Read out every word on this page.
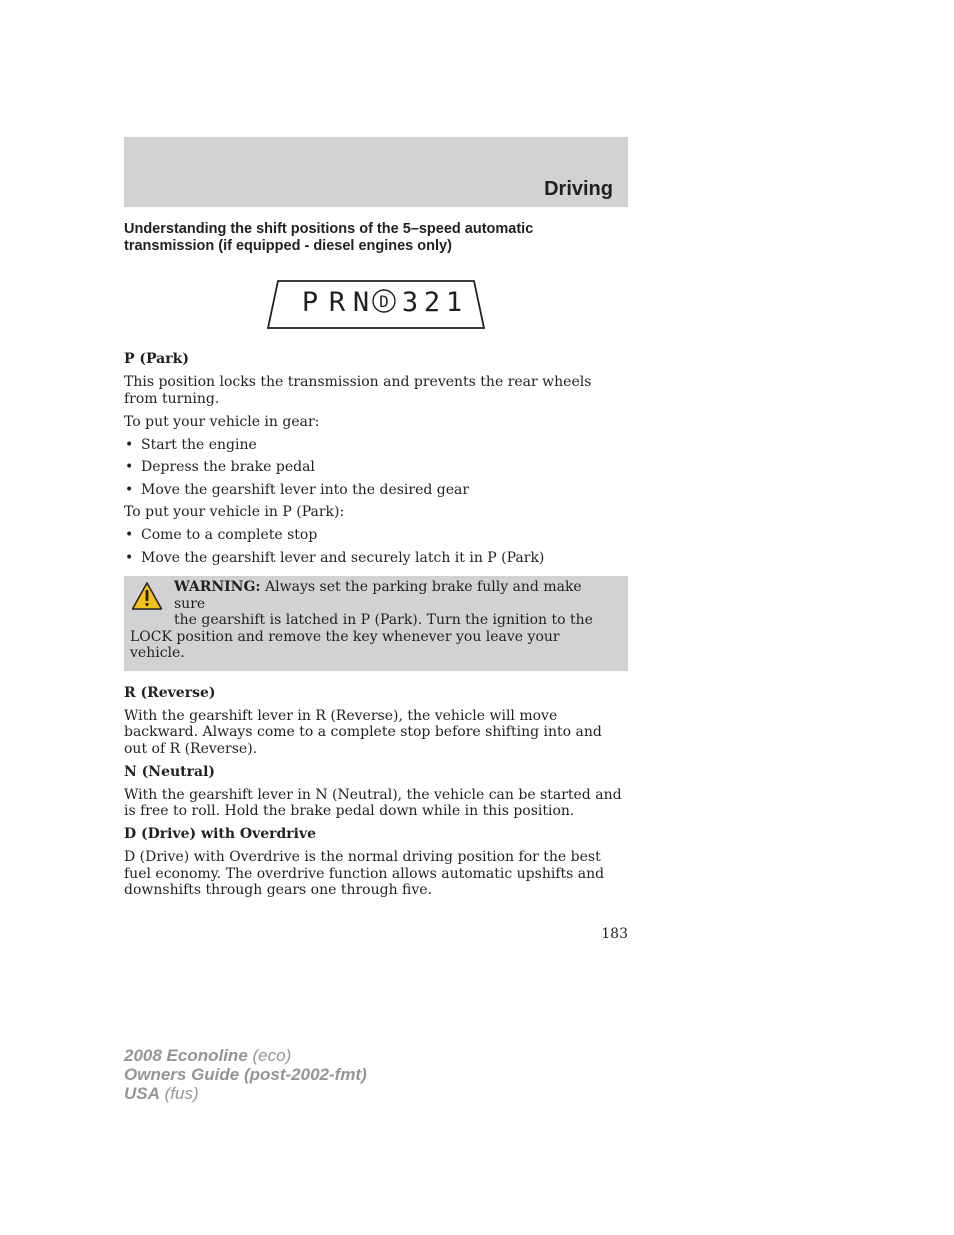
Driving
Understanding the shift positions of the 5–speed automatic transmission (if equipped - diesel engines only)
P R N D 3 2 1

P (Park)

This position locks the transmission and prevents the rear wheels from turning.

To put your vehicle in gear:

• Start the engine
• Depress the brake pedal
• Move the gearshift lever into the desired gear

To put your vehicle in P (Park):

• Come to a complete stop
• Move the gearshift lever and securely latch it in P (Park)
WARNING: Always set the parking brake fully and make sure
the gearshift is latched in P (Park). Turn the ignition to the
LOCK position and remove the key whenever you leave your vehicle.

R (Reverse)

With the gearshift lever in R (Reverse), the vehicle will move backward. Always come to a complete stop before shifting into and out of R (Reverse).

N (Neutral)

With the gearshift lever in N (Neutral), the vehicle can be started and is free to roll. Hold the brake pedal down while in this position.

D (Drive) with Overdrive

D (Drive) with Overdrive is the normal driving position for the best fuel economy. The overdrive function allows automatic upshifts and downshifts through gears one through five.

183
2008 Econoline (eco)
Owners Guide (post-2002-fmt)
USA (fus)
